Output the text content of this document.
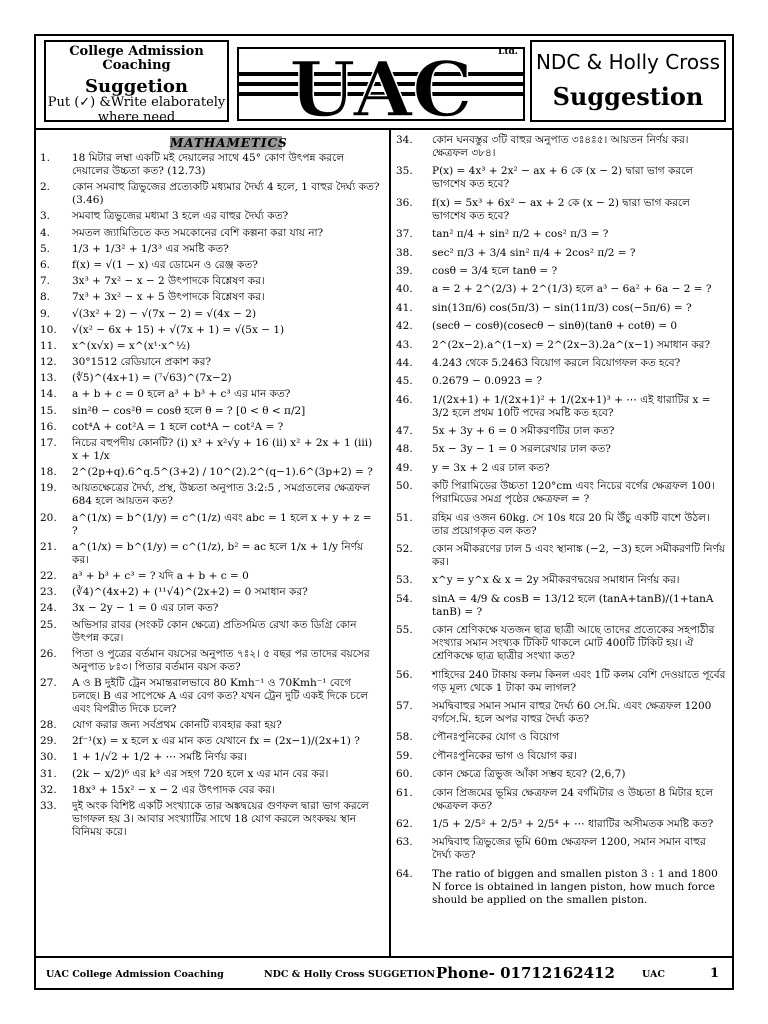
College Admission Coaching
Suggetion
Put (✓) &Write elaborately where need	UAC	Ltd. NDC & Holly Cross
Suggestion
MATHAMETICS
1.	18 মিটার লম্বা একটি মই দেয়ালের সাথে 45° কোণ উৎপন্ন করলে দেয়ালের উচ্চতা কত? (12.73)
2.	কোন সমবাহু ত্রিভুজের প্রত্যেকটি মধ্যমার দৈর্ঘ্য 4 হলে, 1 বাহুর দৈর্ঘ্য কত? (3.46)
3.	সমবাহু ত্রিভুজের মধ্যমা 3 হলে এর বাহুর দৈর্ঘ্য কত?
4.	সমতল জ্যামিতিতে কত সমকোনের বেশি কল্পনা করা যায় না?
5.	1/3 + 1/3² + 1/3³ এর সমষ্টি কত?
6.	f(x) = √(1 − x) এর ডোমেন ও রেঞ্জ কত?
7.	3x³ + 7x² − x − 2 উৎপাদকে বিশ্লেষণ কর।
8.	7x³ + 3x² − x + 5 উৎপাদকে বিশ্লেষণ কর।
9.	√(3x² + 2) − √(7x − 2) = √(4x − 2)
10.	√(x² − 6x + 15) + √(7x + 1) = √(5x − 1)
11.	x^(x√x) = x^(x¹·x^½)
12.	30°1512 রেডিয়ানে প্রকাশ কর?
13.	(∜5)^(4x+1) = (⁷√63)^(7x−2)
14.	a + b + c = 0 হলে a³ + b³ + c³ এর মান কত?
15.	sin²θ − cos²θ = cosθ হলে θ = ? [0 < θ < π/2]
16.	cot⁴A + cot²A = 1 হলে cot⁴A − cot²A = ?
17.	নিচের বহুপদীয় কোনটি? (i) x³ + x²√y + 16 (ii) x² + 2x + 1 (iii) x + 1/x
18.	2^(2p+q).6^q.5^(3+2) / 10^(2).2^(q−1).6^(3p+2) = ?
19.	আয়তক্ষেত্রের দৈর্ঘ্য, প্রস্থ, উচ্চতা অনুপাত 3:2:5 , সমগ্রতলের ক্ষেত্রফল 684 হলে আয়তন কত?
20.	a^(1/x) = b^(1/y) = c^(1/z) এবং abc = 1 হলে x + y + z = ?
21.	a^(1/x) = b^(1/y) = c^(1/z), b² = ac হলে 1/x + 1/y নির্ণয় কর।
22.	a³ + b³ + c³ = ? যদি a + b + c = 0
23.	(∛4)^(4x+2) + (¹¹√4)^(2x+2) = 0 সমাধান কর?
24.	3x − 2y − 1 = 0 এর ঢাল কত?
25.	অভিসার রাবর (সংকট কোন ক্ষেত্রে) প্রতিসমিত রেখা কত ডিগ্রি কোন উৎপন্ন করে।
26.	পিতা ও পুত্রের বর্তমান বয়সের অনুপাত ৭ঃ২। ৫ বছর পর তাদের বয়সের অনুপাত ৮ঃ৩। পিতার বর্তমান বয়স কত?
27.	A ও B দুইটি ট্রেন সমান্তরালভাবে 80 Kmh⁻¹ ও 70Kmh⁻¹ বেগে চলছে। B এর সাপেক্ষে A এর বেগ কত? যখন ট্রেন দুটি একই দিকে চলে এবং বিপরীত দিকে চলে?
28.	যোগ করার জন্য সর্বপ্রথম কোনটি ব্যবহার করা হয়?
29.	2f⁻¹(x) = x হলে x এর মান কত যেখানে fx = (2x−1)/(2x+1) ?
30.	1 + 1/√2 + 1/2 + ⋯ সমষ্টি নির্ণয় কর।
31.	(2k − x/2)⁶ এর k³ এর সহগ 720 হলে x এর মান বের কর।
32.	18x³ + 15x² − x − 2 এর উৎপাদক বের কর।
33.	দুই অংক বিশিষ্ট একটি সংখ্যাকে তার অঙ্কদ্বয়ের গুণফল দ্বারা ভাগ করলে ভাগফল হয় 3। আবার সংখ্যাটির সাথে 18 যোগ করলে অংকদ্বয় স্থান বিনিময় করে।
34.	কোন ঘনবস্তুর ৩টি বাহুর অনুপাত ৩ঃ৪ঃ৫। আয়তন নির্ণয় কর। ক্ষেত্রফল ৩৮৪।
35.	P(x) = 4x³ + 2x² − ax + 6 কে (x − 2) দ্বারা ভাগ করলে ভাগশেষ কত হবে?
36.	f(x) = 5x³ + 6x² − ax + 2 কে (x − 2) দ্বারা ভাগ করলে ভাগশেষ কত হবে?
37.	tan² π/4 + sin² π/2 + cos² π/3 = ?
38.	sec² π/3 + 3/4 sin² π/4 + 2cos² π/2 = ?
39.	cosθ = 3/4 হলে tanθ = ?
40.	a = 2 + 2^(2/3) + 2^(1/3) হলে a³ − 6a² + 6a − 2 = ?
41.	sin(13π/6) cos(5π/3) − sin(11π/3) cos(−5π/6) = ?
42.	(secθ − cosθ)(cosecθ − sinθ)(tanθ + cotθ) = 0
43.	2^(2x−2).a^(1−x) = 2^(2x−3).2a^(x−1) সমাধান কর?
44.	4.24̇3̇ থেকে 5.246̇3̇ বিয়োগ করলে বিয়োগফল কত হবে?
45.	0.267̇9̇ − 0.092̇3̇ = ?
46.	1/(2x+1) + 1/(2x+1)² + 1/(2x+1)³ + ⋯ এই ধারাটির x = 3/2 হলে প্রথম 10টি পদের সমষ্টি কত হবে?
47.	5x + 3y + 6 = 0 সমীকরণটির ঢাল কত?
48.	5x − 3y − 1 = 0 সরলরেখার ঢাল কত?
49.	y = 3x + 2 এর ঢাল কত?
50.	কটি পিরামিডের উচ্চতা 120°cm এবং নিচের বর্গের ক্ষেত্রফল 100। পিরামিডের সমগ্র পৃষ্ঠের ক্ষেত্রফল = ?
51.	রহিম এর ওজন 60kg. সে 10s ধরে 20 মি উঁচু একটি বাশে উঠল। তার প্রয়োগকৃত বল কত?
52.	কোন সমীকরণের ঢাল 5 এবং স্থানাঙ্ক (−2, −3) হলে সমীকরণটি নির্ণয় কর।
53.	x^y = y^x & x = 2y সমীকরণদ্বয়ের সমাধান নির্ণয় কর।
54.	sinA = 4/9 & cosB = 13/12 হলে (tanA+tanB)/(1+tanA tanB) = ?
55.	কোন শ্রেণিকক্ষে যতজন ছাত্র ছাত্রী আছে তাদের প্রত্যেকের সহপাঠীর সংখ্যার সমান সংখ্যক টিকিট থাকলে মোট 400টি টিকিট হয়। ঐ শ্রেণিকক্ষে ছাত্র ছাত্রীর সংখ্যা কত?
56.	শাহিদের 240 টাকায় কলম কিনল এবং 1টি কলম বেশি দেওয়াতে পূর্বের গড় মূল্য থেকে 1 টাকা কম লাগল?
57.	সমদ্বিবাহুর সমান সমান বাহুর দৈর্ঘ্য 60 সে.মি. এবং ক্ষেত্রফল 1200 বর্গসে.মি. হলে অপর বাহুর দৈর্ঘ্য কত?
58.	পৌনঃপুনিকের যোগ ও বিয়োগ
59.	পৌনঃপুনিকের ভাগ ও বিয়োগ কর।
60.	কোন ক্ষেত্রে ত্রিভুজ আঁকা সম্ভব হবে? (2,6,7)
61.	কোন প্রিজমের ভূমির ক্ষেত্রফল 24 বর্গমিটার ও উচ্চতা 8 মিটার হলে ক্ষেত্রফল কত?
62.	1/5 + 2/5² + 2/5³ + 2/5⁴ + ⋯ ধারাটির অসীমতক সমষ্টি কত?
63.	সমদ্বিবাহু ত্রিভুজের ভূমি 60m ক্ষেত্রফল 1200, সমান সমান বাহুর দৈর্ঘ্য কত?
64.	The ratio of biggen and smallen piston 3 : 1 and 1800 N force is obtained in langen piston, how much force should be applied on the smallen piston.
UAC College Admission Coaching	NDC & Holly Cross SUGGETION Phone- 01712162412	UAC	1
